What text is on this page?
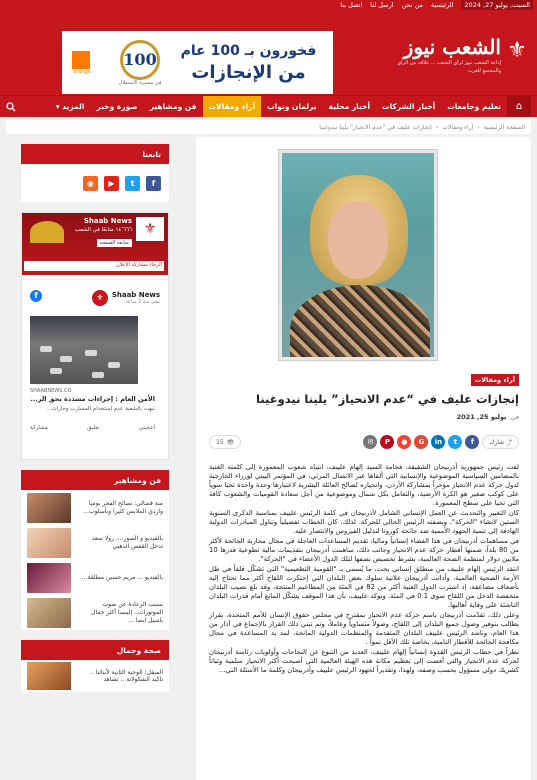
السبت, يوليو 27, 2024
الرئيسية
من نحن
ارسل لنا
اتصل بنا
⚜
الشعب نيوز
إذاعة الشعب نيوز لرأي الشعب ... علاقة بين الرأي والمجتمع للعرب
orange
100
في مسيرة الاستقلال
فخورون بـ 100 عام
من الإنجازات
⌂
تعليم وجامعات
أخبار الشركات
أخبار محلية
برلمان ونواب
آراء ومقالات
فن ومشاهير
صورة وخبر
المزيد
▾
الصفحة الرئيسية
‹
آراء ومقالات
‹
إنجازات عليف في "عدم الانحياز" يلينا نيدوغينا
آراء ومقالات
إنجازات عليف في “عدم الانحياز” يلينا نيدوغينا
في
يوليو 25, 2021
⤴
شارك
f
t
in
G
●
P
✉
👁
15

لفت رئيس جمهورية أذربيجان الشقيقة، فخامة السيد إلهام علييف، انتباه شعوب المعمورة إلى كلمته الغنية بالمضامين السياسية الموضوعية والإنسانية التي ألقاها عبر الاتصال المرئي، في المؤتمر البيني لوزراء الخارجية لدول حركة عدم الانحياز مؤخراً بمشاركة الأردن، وانحيازه لصالح العائلة البشرية لاعتبارها وحدة واحدة تحيا سوياً على كوكب صغير هو الكرة الأرضية، والتعامل بكل شمال وموضوعية من أجل سعادة القوميات والشعوب كافة التي تحيا على سطح المعمورة.

كان التغيير والتحديث عن العمل الإنساني الشامل لأذربيجان في كلمة الرئيس علييف بمناسبة الذكرى السنوية الستين لانشاء "الحركة"، وبصفته الرئيس الحالي للحركة. لذلك، كان الخطاب تفصيلياً وتناول المبادرات الدولية الهادفة إلى تنمية الجهود الأممية ضد جائحة كورونا لتذليل الفيروس والانتصار عليه.

في مساهمات أذربيجان في هذا الفضاء إنسانياً وماليا، تقديم المساعدات العاجلة في مجال محاربة الجائحة لأكثر من 80 بلداً، ضمنها أقطار حركة عدم الانحياز وجانب ذلك، ساهمت أذربيجان بتقديمات مالية تطوعية قدرها 10 ملايين دولار لمنظمة الصحة العالمية، بشرط تخصيص نصفها لتلك الدول الأعضاء في "الحركة".

انتقد الرئيس إلهام علييف من منطلق إنساني بحت، ما يُسمى بـ "القومية التطعيمية" التي تشكّل قلقاً في ظل الأزمة الصحية العالمية، وأدانت أذربيجان علانية سلوك بعض البلدان التي إحتكرت اللقاح أكثر مما تحتاج إليه بأضعاف مضاعفة، إذ اشترت الدول الغنية أكثر من 82 في المئة من المطاعيم المنتجة، وقد بلغ نصيب البلدان منخفضة الدخل من اللقاح سوى 0.1 في المئة. وبوكد علييف، بأن هذا الموقف يشكّل المانع أمام قدرات البلدان الناشئة على وقاية أهاليها.

وعلى ذلك، تقدّمت أذربيجان باسم حركة عدم الانحياز بمقترح في مجلس حقوق الإنسان للأمم المتحدة، بقرار يطالب بتوفير وصول جميع البلدان إلى اللقاح، وصولاً متساوياً وعاملاً، وتم تبني ذلك القرار بالإجماع في آذار من هذا العام، وناشد الرئيس علييف البلدان المتقدمة والمنظمات الدولية المانحة، لمد يد المساعدة في مجال مكافحة الجائحة للأقطار النامية، بخاصة تلك الأقل نمواً .

نظراً في خطاب الرئيس القدوة إنسانياً إلهام علييف، العديد من التنوع عن النجاحات وأولويات رئاسة أذربيجان لحركة عدم الانحياز والتي أفضت إلى تعظيم مكانة هذه الهيئة العالمية التي أصبحت أكثر الانحياز سلمية وثباتاً كشريك دولي مسؤول بحسب وصفه، ولهذا، وتقديراً لجهود الرئيس علييف وأذربيجان وكلمة ما الأسئلة التي...

تابعنا
f
t
▶
◉
⚜
Shaab News
١٤٬٦٦٦ متابعًا في الشعب
متابعة الصفحة
الرجاء مشاركة الإعلان
Shaab News
نشر منذ 2 ساعة
⚜
f
SHAABNEWS.CO
الأمن العام : إجراءات مشددة بحق الر...
نبهت بالشعبة عدم استخدام المسارب وحارات...
أعجبني
تعليق
مشاركة
فن ومشاهير
منة فضالي: نصائح الفجر يوميا وازدي الملابس كثيرا وبأسلوب...
بالفيديو و الصور.... رولا سعد تدخل القفص الذهبي
بالفيديو ... مريم حسين مطلقة....
بسبب الزعادة عن صوت الموتورات.. إلينسا أكثر جمال باسيل ايضا ...
صحة وجمال
المنقل: الوجبة الثانية لأبنائنا .. تاكيد الشكولاتة .. تشاهد
